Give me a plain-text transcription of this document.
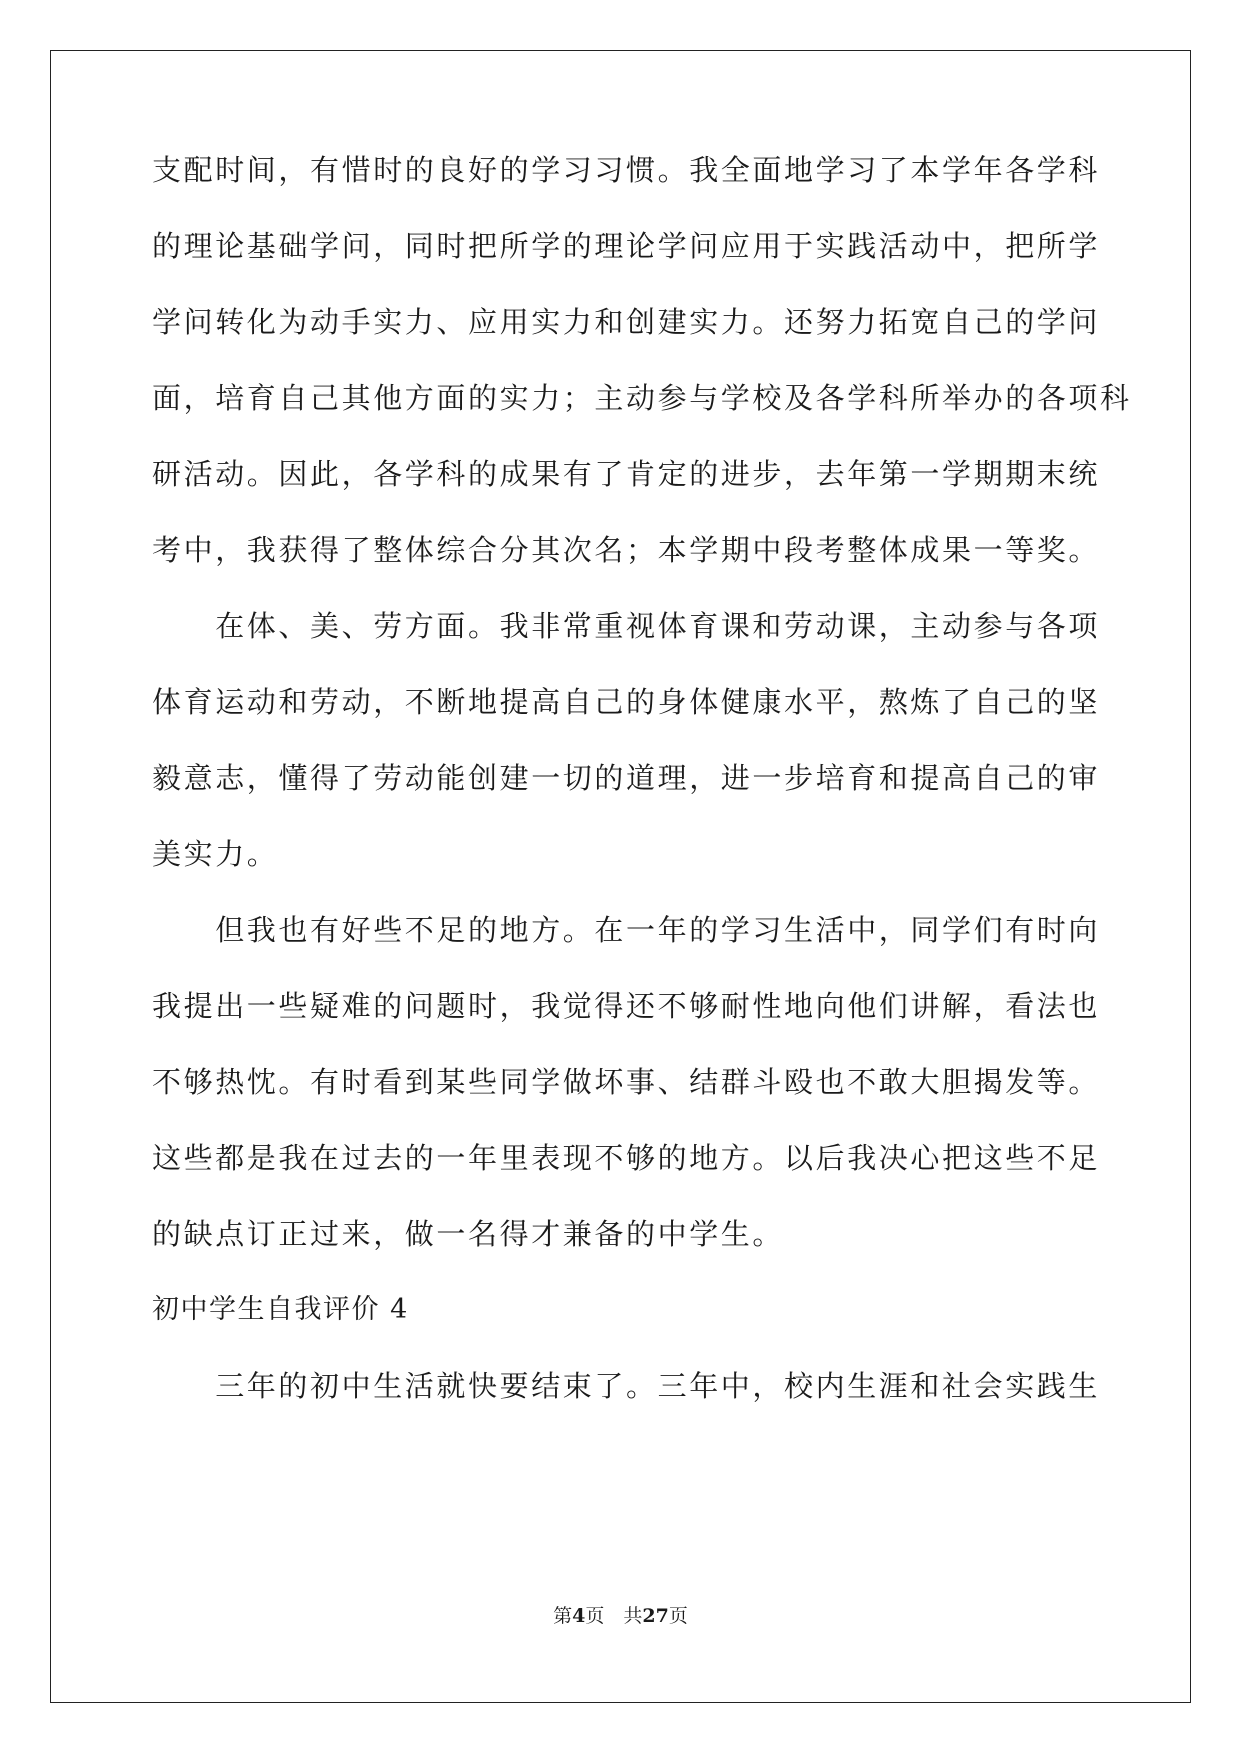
支配时间，有惜时的良好的学习习惯。我全面地学习了本学年各学科
的理论基础学问，同时把所学的理论学问应用于实践活动中，把所学
学问转化为动手实力、应用实力和创建实力。还努力拓宽自己的学问
面，培育自己其他方面的实力；主动参与学校及各学科所举办的各项科
研活动。因此，各学科的成果有了肯定的进步，去年第一学期期末统
考中，我获得了整体综合分其次名；本学期中段考整体成果一等奖。
　　在体、美、劳方面。我非常重视体育课和劳动课，主动参与各项
体育运动和劳动，不断地提高自己的身体健康水平，熬炼了自己的坚
毅意志，懂得了劳动能创建一切的道理，进一步培育和提高自己的审
美实力。
　　但我也有好些不足的地方。在一年的学习生活中，同学们有时向
我提出一些疑难的问题时，我觉得还不够耐性地向他们讲解，看法也
不够热忱。有时看到某些同学做坏事、结群斗殴也不敢大胆揭发等。
这些都是我在过去的一年里表现不够的地方。以后我决心把这些不足
的缺点订正过来，做一名得才兼备的中学生。
初中学生自我评价 4
　　三年的初中生活就快要结束了。三年中，校内生涯和社会实践生
第4页　共27页
